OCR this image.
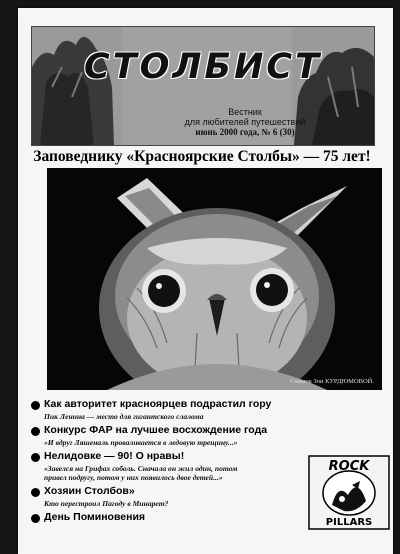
СТОЛБИСТ
Вестник
для любителей путешествий
июнь 2000 года, № 6 (30)
Заповеднику «Красноярские Столбы» — 75 лет!
Снимок Зои КУРДЮМОВОЙ.
Как авторитет красноярцев подрастил гору
Пик Ленина — место для гигантского слалома
Конкурс ФАР на лучшее восхождение года
«И вдруг Ляшеналь проваливается в ледовую трещину...»
Нелидовке — 90! О нравы!
«Завелся на Грифах соболь. Сначала он жил один, потом
привел подругу, потом у них появилось двое детей...»
Хозяин Столбов»
Кто перестроил Пагоду в Минарет?
День Поминовения
ROCK
PILLARS
